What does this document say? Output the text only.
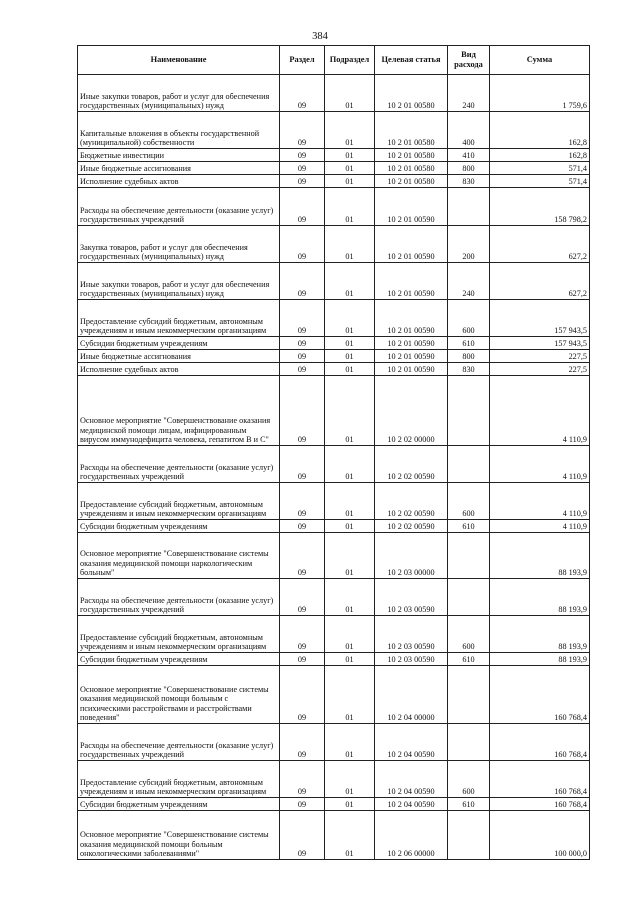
384
Наименование	Раздел	Подраздел	Целевая статья	Вид расхода	Сумма
Иные закупки товаров, работ и услуг для обеспечения государственных (муниципальных) нужд	09	01	10 2 01 00580	240	1 759,6
Капитальные вложения в объекты государственной (муниципальной) собственности	09	01	10 2 01 00580	400	162,8
Бюджетные инвестиции	09	01	10 2 01 00580	410	162,8
Иные бюджетные ассигнования	09	01	10 2 01 00580	800	571,4
Исполнение судебных актов	09	01	10 2 01 00580	830	571,4
Расходы на обеспечение деятельности (оказание услуг) государственных учреждений	09	01	10 2 01 00590		158 798,2
Закупка товаров, работ и услуг для обеспечения государственных (муниципальных) нужд	09	01	10 2 01 00590	200	627,2
Иные закупки товаров, работ и услуг для обеспечения государственных (муниципальных) нужд	09	01	10 2 01 00590	240	627,2
Предоставление субсидий бюджетным, автономным учреждениям и иным некоммерческим организациям	09	01	10 2 01 00590	600	157 943,5
Субсидии бюджетным учреждениям	09	01	10 2 01 00590	610	157 943,5
Иные бюджетные ассигнования	09	01	10 2 01 00590	800	227,5
Исполнение судебных актов	09	01	10 2 01 00590	830	227,5
Основное мероприятие "Совершенствование оказания медицинской помощи лицам, инфицированным вирусом иммунодефицита человека, гепатитом В и С"	09	01	10 2 02 00000		4 110,9
Расходы на обеспечение деятельности (оказание услуг) государственных учреждений	09	01	10 2 02 00590		4 110,9
Предоставление субсидий бюджетным, автономным учреждениям и иным некоммерческим организациям	09	01	10 2 02 00590	600	4 110,9
Субсидии бюджетным учреждениям	09	01	10 2 02 00590	610	4 110,9
Основное мероприятие "Совершенствование системы оказания медицинской помощи наркологическим больным"	09	01	10 2 03 00000		88 193,9
Расходы на обеспечение деятельности (оказание услуг) государственных учреждений	09	01	10 2 03 00590		88 193,9
Предоставление субсидий бюджетным, автономным учреждениям и иным некоммерческим организациям	09	01	10 2 03 00590	600	88 193,9
Субсидии бюджетным учреждениям	09	01	10 2 03 00590	610	88 193,9
Основное мероприятие "Совершенствование системы оказания медицинской помощи больным с психическими расстройствами и расстройствами поведения"	09	01	10 2 04 00000		160 768,4
Расходы на обеспечение деятельности (оказание услуг) государственных учреждений	09	01	10 2 04 00590		160 768,4
Предоставление субсидий бюджетным, автономным учреждениям и иным некоммерческим организациям	09	01	10 2 04 00590	600	160 768,4
Субсидии бюджетным учреждениям	09	01	10 2 04 00590	610	160 768,4
Основное мероприятие "Совершенствование системы оказания медицинской помощи больным онкологическими заболеваниями"	09	01	10 2 06 00000		100 000,0
